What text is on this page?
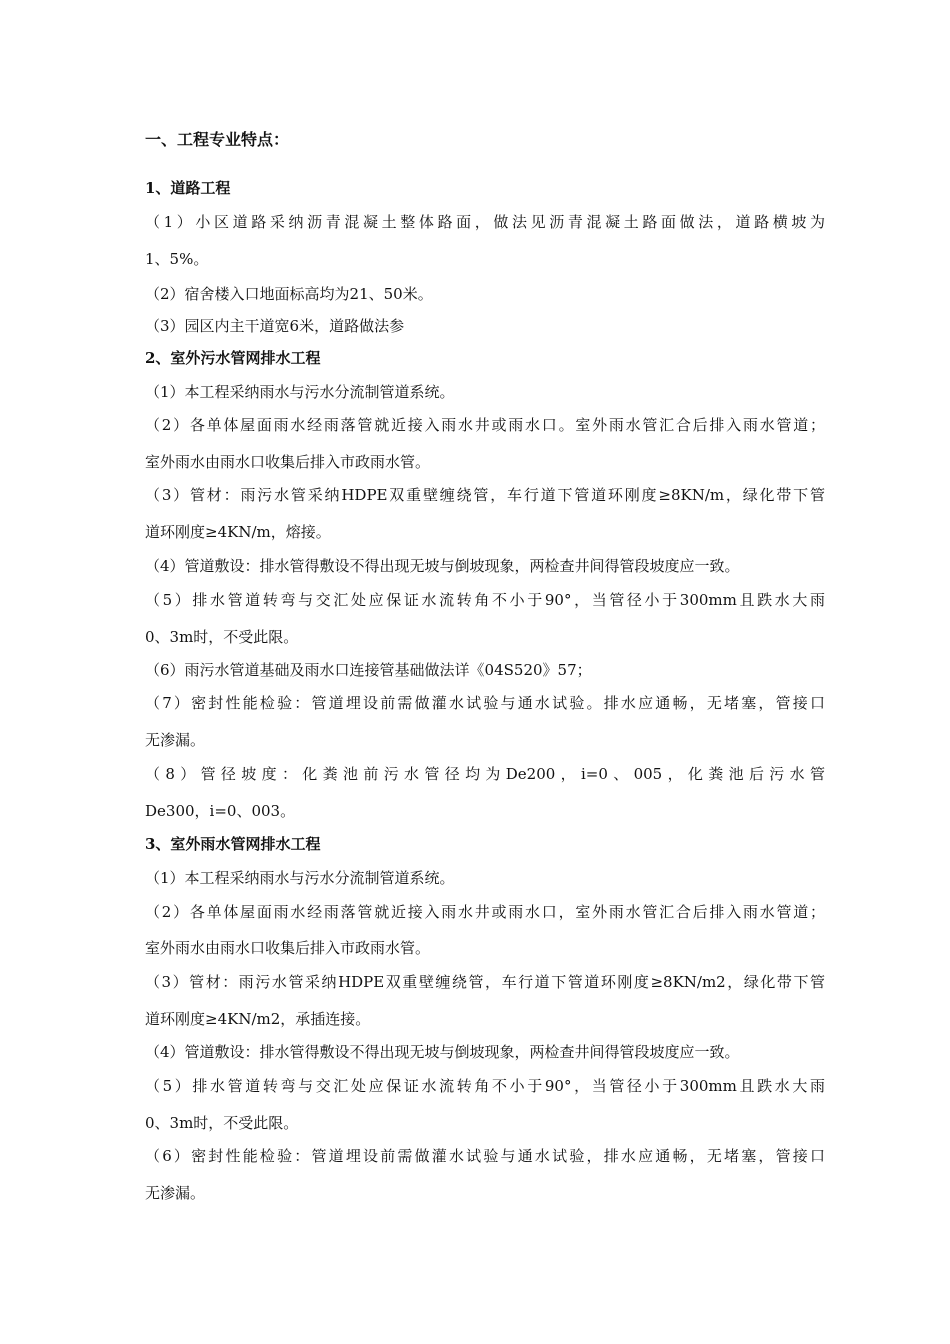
一、工程专业特点：
1、道路工程
（1）小区道路采纳沥青混凝土整体路面，做法见沥青混凝土路面做法，道路横坡为
1、5%。
（2）宿舍楼入口地面标高均为21、50米。
（3）园区内主干道宽6米，道路做法参
2、室外污水管网排水工程
（1）本工程采纳雨水与污水分流制管道系统。
（2）各单体屋面雨水经雨落管就近接入雨水井或雨水口。室外雨水管汇合后排入雨水管道；
室外雨水由雨水口收集后排入市政雨水管。
（3）管材：雨污水管采纳HDPE双重壁缠绕管，车行道下管道环刚度≥8KN/m，绿化带下管
道环刚度≥4KN/m，熔接。
（4）管道敷设：排水管得敷设不得出现无坡与倒坡现象，两检查井间得管段坡度应一致。
（5）排水管道转弯与交汇处应保证水流转角不小于90°，当管径小于300mm且跌水大雨
0、3m时，不受此限。
（6）雨污水管道基础及雨水口连接管基础做法详《04S520》57；
（7）密封性能检验：管道埋设前需做灌水试验与通水试验。排水应通畅，无堵塞，管接口
无渗漏。
（8）管径坡度：化粪池前污水管径均为De200，i=0、005，化粪池后污水管
De300，i=0、003。
3、室外雨水管网排水工程
（1）本工程采纳雨水与污水分流制管道系统。
（2）各单体屋面雨水经雨落管就近接入雨水井或雨水口，室外雨水管汇合后排入雨水管道；
室外雨水由雨水口收集后排入市政雨水管。
（3）管材：雨污水管采纳HDPE双重壁缠绕管，车行道下管道环刚度≥8KN/m2，绿化带下管
道环刚度≥4KN/m2，承插连接。
（4）管道敷设：排水管得敷设不得出现无坡与倒坡现象，两检查井间得管段坡度应一致。
（5）排水管道转弯与交汇处应保证水流转角不小于90°，当管径小于300mm且跌水大雨
0、3m时，不受此限。
（6）密封性能检验：管道埋设前需做灌水试验与通水试验，排水应通畅，无堵塞，管接口
无渗漏。
